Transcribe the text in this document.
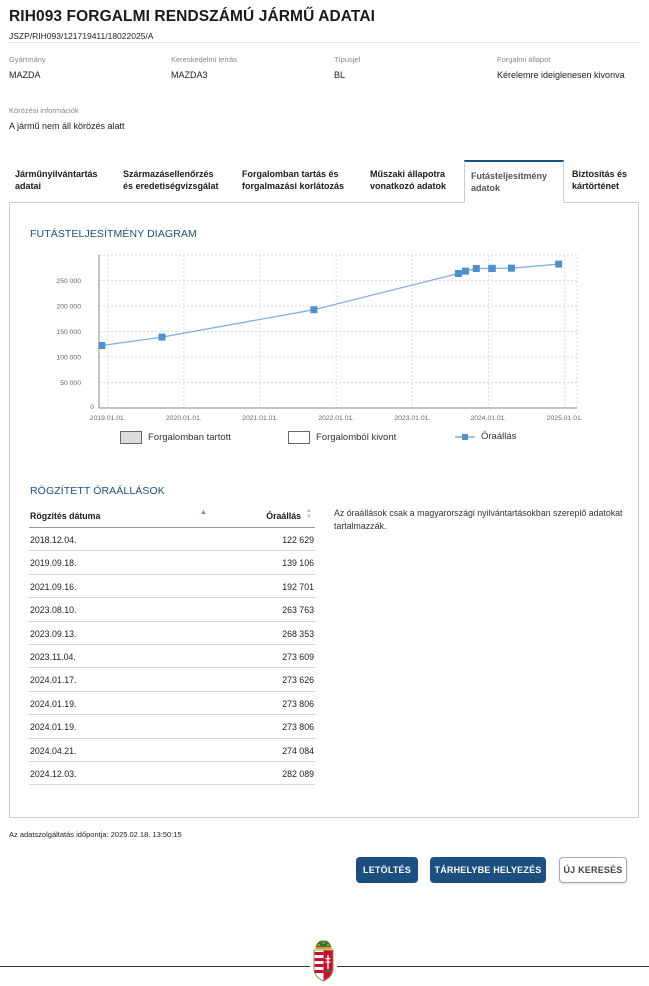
RIH093 FORGALMI RENDSZÁMÚ JÁRMŰ ADATAI
JSZP/RIH093/121719411/18022025/A
Gyártmány
MAZDA
Kereskedelmi leírás
MAZDA3
Típusjel
BL
Forgalmi állapot
Kérelemre ideiglenesen kivonva
Körözési információk
A jármű nem áll körözés alatt
Járműnyilvántartás
adatai
Származásellenőrzés
és eredetiségvizsgálat
Forgalomban tartás és
forgalmazási korlátozás
Műszaki állapotra
vonatkozó adatok
Futásteljesítmény
adatok
Biztosítás és
kártörténet
FUTÁSTELJESÍTMÉNY DIAGRAM
50 000
100 000
150 000
200 000
250 000
2019.01.01.	2020.01.01.	2021.01.01.	2022.01.01.	2023.01.01.	2024.01.01.	2025.01.01.
0
Forgalomban tartott	Forgalomból kivont	Óraállás
RÖGZÍTETT ÓRAÁLLÁSOK
Rögzítés dátuma	▲	Óraállás ▲
▼
2018.12.04.	122 629
2019.09.18.	139 106
2021.09.16.	192 701
2023.08.10.	263 763
2023.09.13.	268 353
2023.11.04.	273 609
2024.01.17.	273 626
2024.01.19.	273 806
2024.01.19.	273 806
2024.04.21.	274 084
2024.12.03.	282 089
Az óraállások csak a magyarországi nyilvántartásokban szereplő adatokat tartalmazzák.
Az adatszolgáltatás időpontja: 2025.02.18. 13:50:15
LETÖLTÉS	TÁRHELYBE HELYEZÉS	ÚJ KERESÉS
